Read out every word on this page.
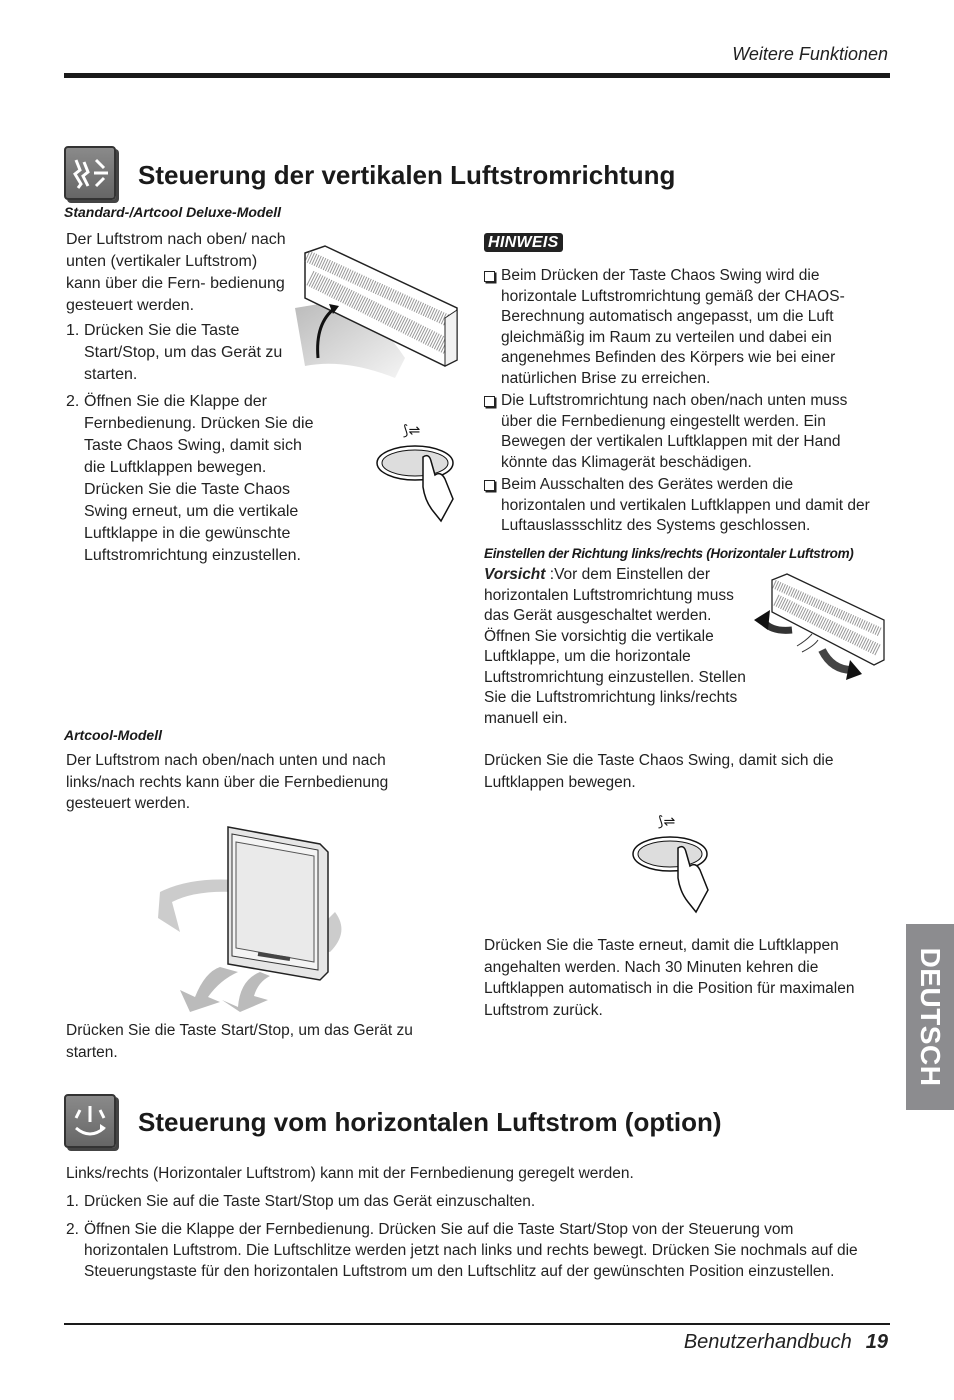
Weitere Funktionen
Steuerung der vertikalen Luftstromrichtung
Standard-/Artcool Deluxe-Modell
Der Luftstrom nach oben/ nach unten (vertikaler Luftstrom) kann über die Fern- bedienung gesteuert werden.
1. Drücken Sie die Taste Start/Stop, um das Gerät zu starten.
2. Öffnen Sie die Klappe der Fernbedienung. Drücken Sie die Taste Chaos Swing, damit sich die Luftklappen bewegen. Drücken Sie die Taste Chaos Swing erneut, um die vertikale Luftklappe in die gewünschte Luftstromrichtung einzustellen.
⟆⇌
HINWEIS
Beim Drücken der Taste Chaos Swing wird die horizontale Luftstromrichtung gemäß der CHAOS-Berechnung automatisch angepasst, um die Luft gleichmäßig im Raum zu verteilen und dabei ein angenehmes Befinden des Körpers wie bei einer natürlichen Brise zu erreichen.
Die Luftstromrichtung nach oben/nach unten muss über die Fernbedienung eingestellt werden. Ein Bewegen der vertikalen Luftklappen mit der Hand könnte das Klimagerät beschädigen.
Beim Ausschalten des Gerätes werden die horizontalen und vertikalen Luftklappen und damit der Luftauslassschlitz des Systems geschlossen.
Einstellen der Richtung links/rechts (Horizontaler Luftstrom)
Vorsicht :Vor dem Einstellen der horizontalen Luftstromrichtung muss das Gerät ausgeschaltet werden. Öffnen Sie vorsichtig die vertikale Luftklappe, um die horizontale Luftstromrichtung einzustellen. Stellen Sie die Luftstromrichtung links/rechts manuell ein.
Artcool-Modell
Der Luftstrom nach oben/nach unten und nach links/nach rechts kann über die Fernbedienung gesteuert werden.
Drücken Sie die Taste Start/Stop, um das Gerät zu starten.
Drücken Sie die Taste Chaos Swing, damit sich die Luftklappen bewegen.
⟆⇌
Drücken Sie die Taste erneut, damit die Luftklappen angehalten werden. Nach 30 Minuten kehren die Luftklappen automatisch in die Position für maximalen Luftstrom zurück.	DEUTSCH
Steuerung vom horizontalen Luftstrom (option)
Links/rechts (Horizontaler Luftstrom) kann mit der Fernbedienung geregelt werden.
1. Drücken Sie auf die Taste Start/Stop um das Gerät einzuschalten.
2. Öffnen Sie die Klappe der Fernbedienung. Drücken Sie auf die Taste Start/Stop von der Steuerung vom horizontalen Luftstrom. Die Luftschlitze werden jetzt nach links und rechts bewegt. Drücken Sie nochmals auf die Steuerungstaste für den horizontalen Luftstrom um den Luftschlitz auf der gewünschten Position einzustellen.
Benutzerhandbuch 19
